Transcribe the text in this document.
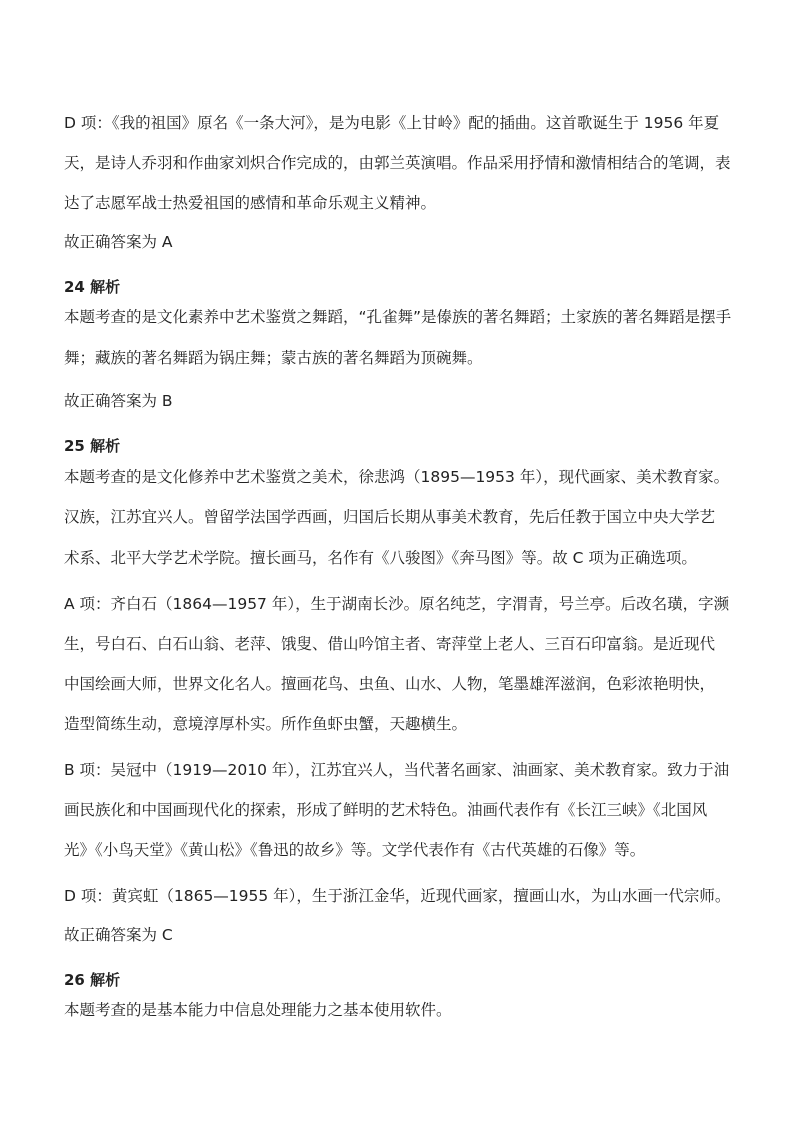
D 项：《我的祖国》原名《一条大河》，是为电影《上甘岭》配的插曲。这首歌诞生于 1956 年夏
天，是诗人乔羽和作曲家刘炽合作完成的，由郭兰英演唱。作品采用抒情和激情相结合的笔调，表
达了志愿军战士热爱祖国的感情和革命乐观主义精神。
故正确答案为 A
24 解析
本题考查的是文化素养中艺术鉴赏之舞蹈，“孔雀舞”是傣族的著名舞蹈；土家族的著名舞蹈是摆手
舞；藏族的著名舞蹈为锅庄舞；蒙古族的著名舞蹈为顶碗舞。
故正确答案为 B
25 解析
本题考查的是文化修养中艺术鉴赏之美术，徐悲鸿（1895—1953 年），现代画家、美术教育家。
汉族，江苏宜兴人。曾留学法国学西画，归国后长期从事美术教育，先后任教于国立中央大学艺
术系、北平大学艺术学院。擅长画马，名作有《八骏图》《奔马图》等。故 C 项为正确选项。
A 项：齐白石（1864—1957 年），生于湖南长沙。原名纯芝，字渭青，号兰亭。后改名璜，字濒
生，号白石、白石山翁、老萍、饿叟、借山吟馆主者、寄萍堂上老人、三百石印富翁。是近现代
中国绘画大师，世界文化名人。擅画花鸟、虫鱼、山水、人物，笔墨雄浑滋润，色彩浓艳明快，
造型简练生动，意境淳厚朴实。所作鱼虾虫蟹，天趣横生。
B 项：吴冠中（1919—2010 年），江苏宜兴人，当代著名画家、油画家、美术教育家。致力于油
画民族化和中国画现代化的探索，形成了鲜明的艺术特色。油画代表作有《长江三峡》《北国风
光》《小鸟天堂》《黄山松》《鲁迅的故乡》等。文学代表作有《古代英雄的石像》等。
D 项：黄宾虹（1865—1955 年），生于浙江金华，近现代画家，擅画山水，为山水画一代宗师。
故正确答案为 C
26 解析
本题考查的是基本能力中信息处理能力之基本使用软件。
